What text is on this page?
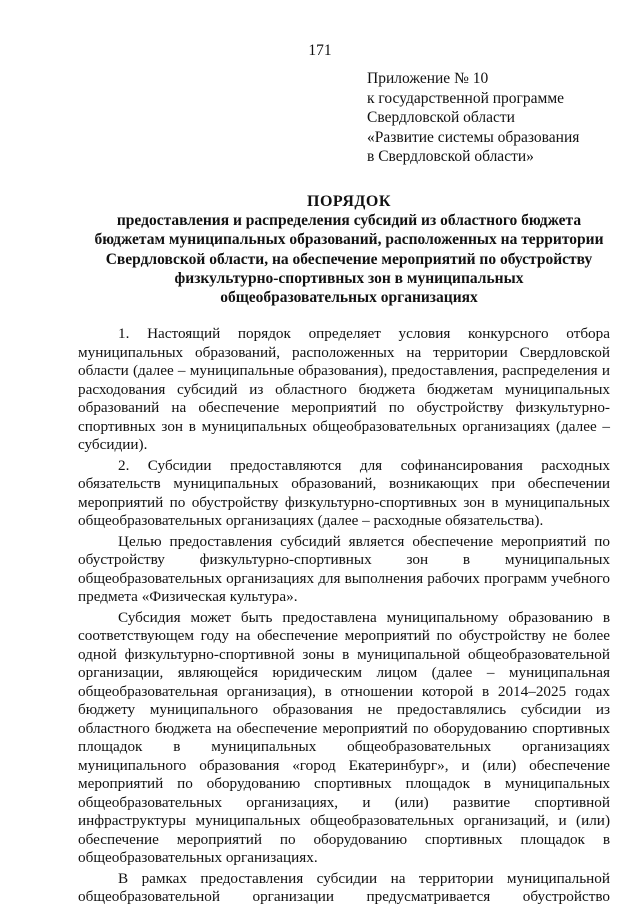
171
Приложение № 10
к государственной программе
Свердловской области
«Развитие системы образования
в Свердловской области»
ПОРЯДОК
предоставления и распределения субсидий из областного бюджета
бюджетам муниципальных образований, расположенных на территории
Свердловской области, на обеспечение мероприятий по обустройству
физкультурно-спортивных зон в муниципальных
общеобразовательных организациях

1. Настоящий порядок определяет условия конкурсного отбора муниципальных образований, расположенных на территории Свердловской области (далее – муниципальные образования), предоставления, распределения и расходования субсидий из областного бюджета бюджетам муниципальных образований на обеспечение мероприятий по обустройству физкультурно-спортивных зон в муниципальных общеобразовательных организациях (далее – субсидии).

2. Субсидии предоставляются для софинансирования расходных обязательств муниципальных образований, возникающих при обеспечении мероприятий по обустройству физкультурно-спортивных зон в муниципальных общеобразовательных организациях (далее – расходные обязательства).

Целью предоставления субсидий является обеспечение мероприятий по обустройству физкультурно-спортивных зон в муниципальных общеобразовательных организациях для выполнения рабочих программ учебного предмета «Физическая культура».

Субсидия может быть предоставлена муниципальному образованию в соответствующем году на обеспечение мероприятий по обустройству не более одной физкультурно-спортивной зоны в муниципальной общеобразовательной организации, являющейся юридическим лицом (далее – муниципальная общеобразовательная организация), в отношении которой в 2014–2025 годах бюджету муниципального образования не предоставлялись субсидии из областного бюджета на обеспечение мероприятий по оборудованию спортивных площадок в муниципальных общеобразовательных организациях муниципального образования «город Екатеринбург», и (или) обеспечение мероприятий по оборудованию спортивных площадок в муниципальных общеобразовательных организациях, и (или) развитие спортивной инфраструктуры муниципальных общеобразовательных организаций, и (или) обеспечение мероприятий по оборудованию спортивных площадок в общеобразовательных организациях.

В рамках предоставления субсидии на территории муниципальной общеобразовательной организации предусматривается обустройство
